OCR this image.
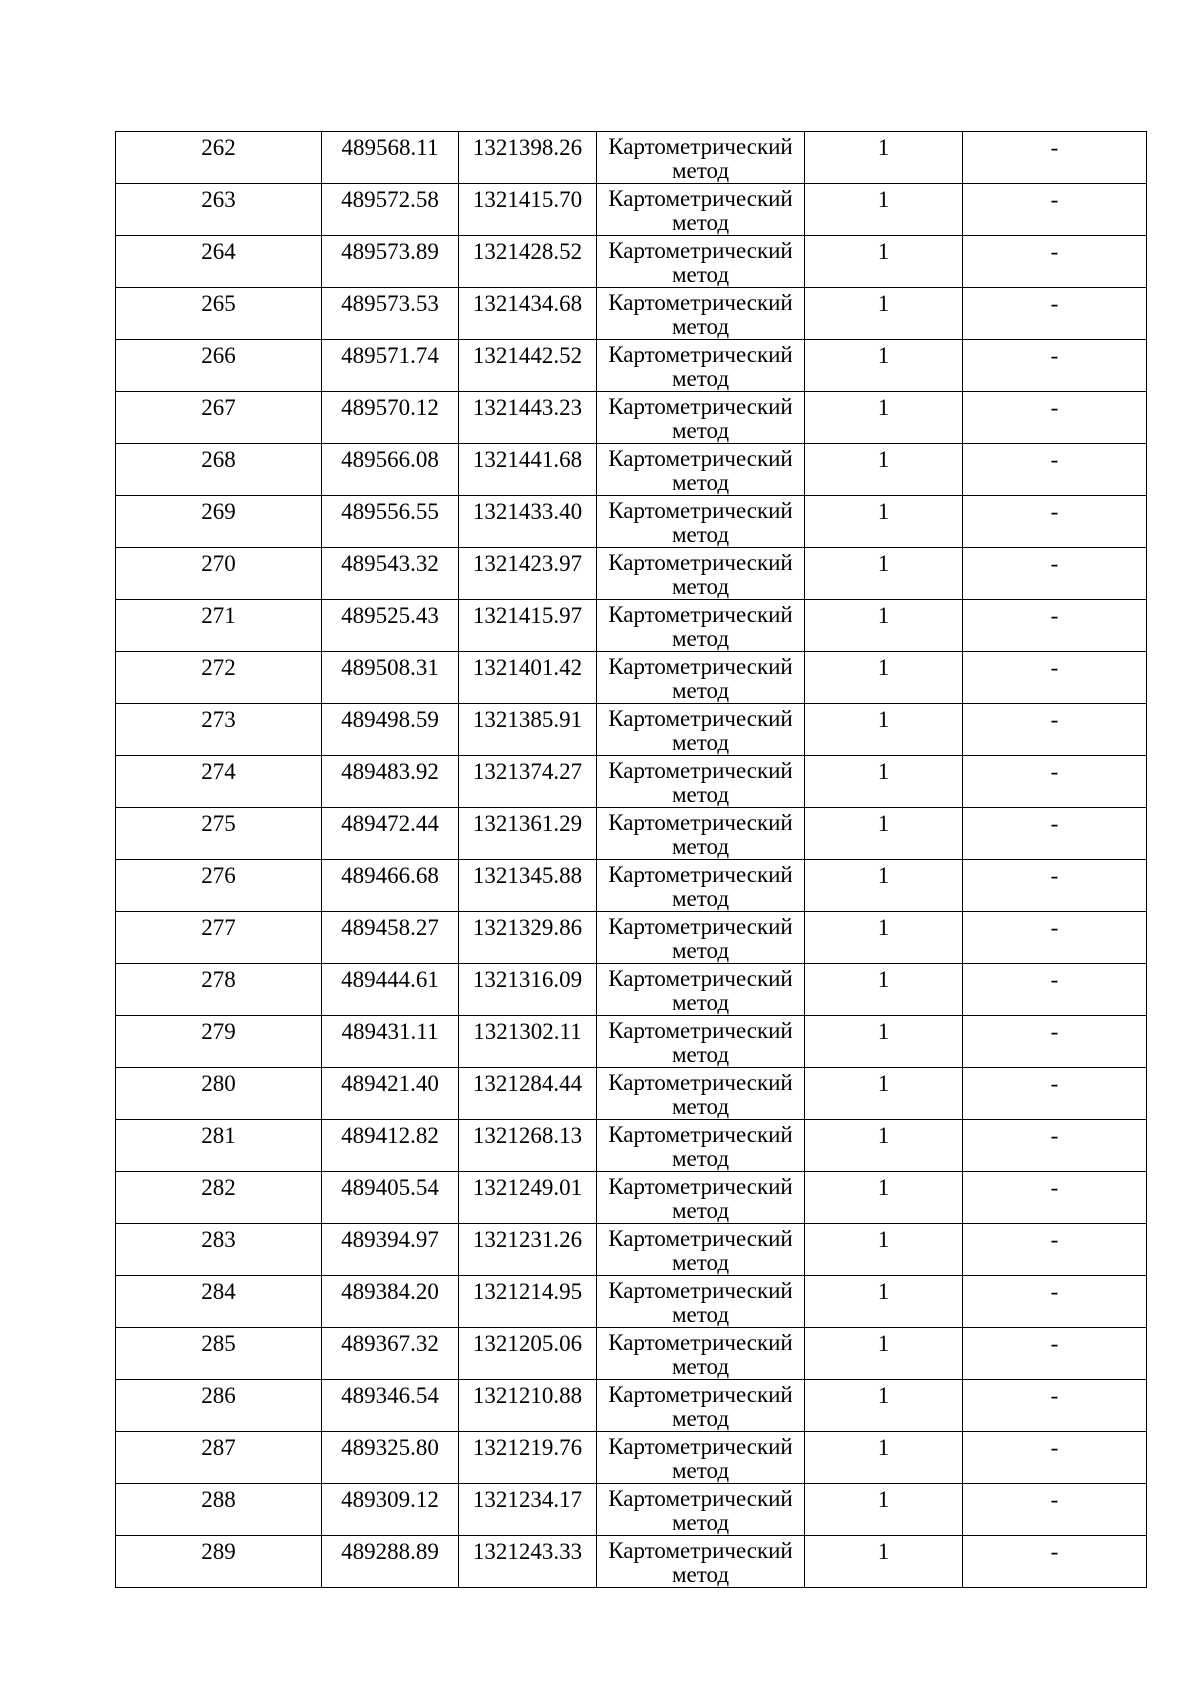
262	489568.11	1321398.26	Картометрический метод	1	-

263	489572.58	1321415.70	Картометрический метод	1	-

264	489573.89	1321428.52	Картометрический метод	1	-

265	489573.53	1321434.68	Картометрический метод	1	-

266	489571.74	1321442.52	Картометрический метод	1	-

267	489570.12	1321443.23	Картометрический метод	1	-

268	489566.08	1321441.68	Картометрический метод	1	-

269	489556.55	1321433.40	Картометрический метод	1	-

270	489543.32	1321423.97	Картометрический метод	1	-

271	489525.43	1321415.97	Картометрический метод	1	-

272	489508.31	1321401.42	Картометрический метод	1	-

273	489498.59	1321385.91	Картометрический метод	1	-

274	489483.92	1321374.27	Картометрический метод	1	-

275	489472.44	1321361.29	Картометрический метод	1	-

276	489466.68	1321345.88	Картометрический метод	1	-

277	489458.27	1321329.86	Картометрический метод	1	-

278	489444.61	1321316.09	Картометрический метод	1	-

279	489431.11	1321302.11	Картометрический метод	1	-

280	489421.40	1321284.44	Картометрический метод	1	-

281	489412.82	1321268.13	Картометрический метод	1	-

282	489405.54	1321249.01	Картометрический метод	1	-

283	489394.97	1321231.26	Картометрический метод	1	-

284	489384.20	1321214.95	Картометрический метод	1	-

285	489367.32	1321205.06	Картометрический метод	1	-

286	489346.54	1321210.88	Картометрический метод	1	-

287	489325.80	1321219.76	Картометрический метод	1	-

288	489309.12	1321234.17	Картометрический метод	1	-

289	489288.89	1321243.33	Картометрический метод	1	-
